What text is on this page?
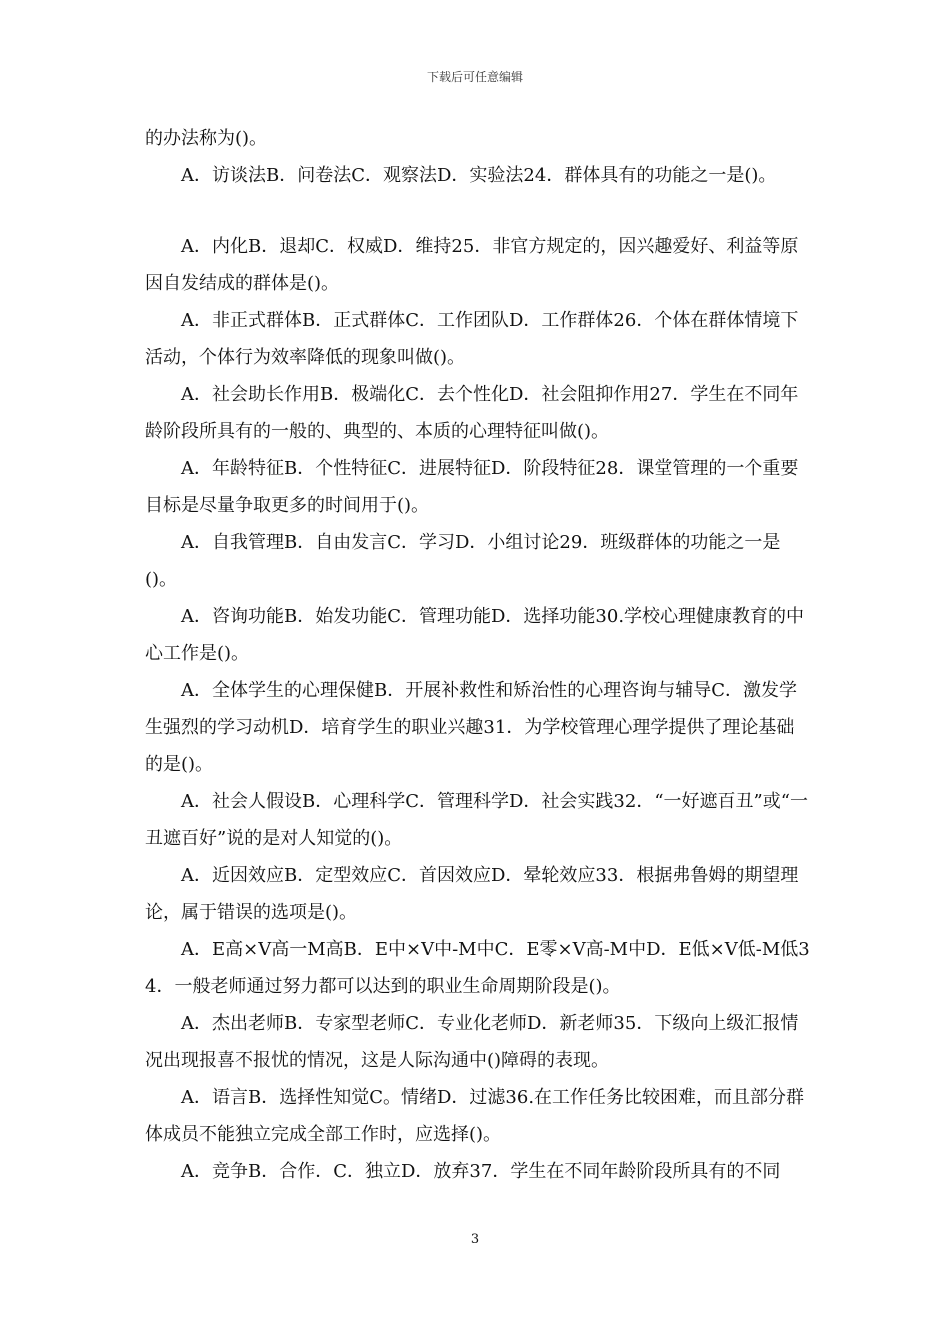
下载后可任意编辑

的办法称为()。

A．访谈法B．问卷法C．观察法D．实验法24．群体具有的功能之一是()。

A．内化B．退却C．权威D．维持25．非官方规定的，因兴趣爱好、利益等原因自发结成的群体是()。

A．非正式群体B．正式群体C．工作团队D．工作群体26．个体在群体情境下活动，个体行为效率降低的现象叫做()。

A．社会助长作用B．极端化C．去个性化D．社会阻抑作用27．学生在不同年龄阶段所具有的一般的、典型的、本质的心理特征叫做()。

A．年龄特征B．个性特征C．进展特征D．阶段特征28．课堂管理的一个重要目标是尽量争取更多的时间用于()。

A．自我管理B．自由发言C．学习D．小组讨论29．班级群体的功能之一是()。

A．咨询功能B．始发功能C．管理功能D．选择功能30.学校心理健康教育的中心工作是()。

A．全体学生的心理保健B．开展补救性和矫治性的心理咨询与辅导C．激发学生强烈的学习动机D．培育学生的职业兴趣31．为学校管理心理学提供了理论基础的是()。

A．社会人假设B．心理科学C．管理科学D．社会实践32．“一好遮百丑”或“一丑遮百好”说的是对人知觉的()。

A．近因效应B．定型效应C．首因效应D．晕轮效应33．根据弗鲁姆的期望理论，属于错误的选项是()。

A．E高×V高一M高B．E中×V中-M中C．E零×V高-M中D．E低×V低-M低34．一般老师通过努力都可以达到的职业生命周期阶段是()。

A．杰出老师B．专家型老师C．专业化老师D．新老师35．下级向上级汇报情况出现报喜不报忧的情况，这是人际沟通中()障碍的表现。

A．语言B．选择性知觉C。情绪D．过滤36.在工作任务比较困难，而且部分群体成员不能独立完成全部工作时，应选择()。

A．竞争B．合作．C．独立D．放弃37．学生在不同年龄阶段所具有的不同

3
